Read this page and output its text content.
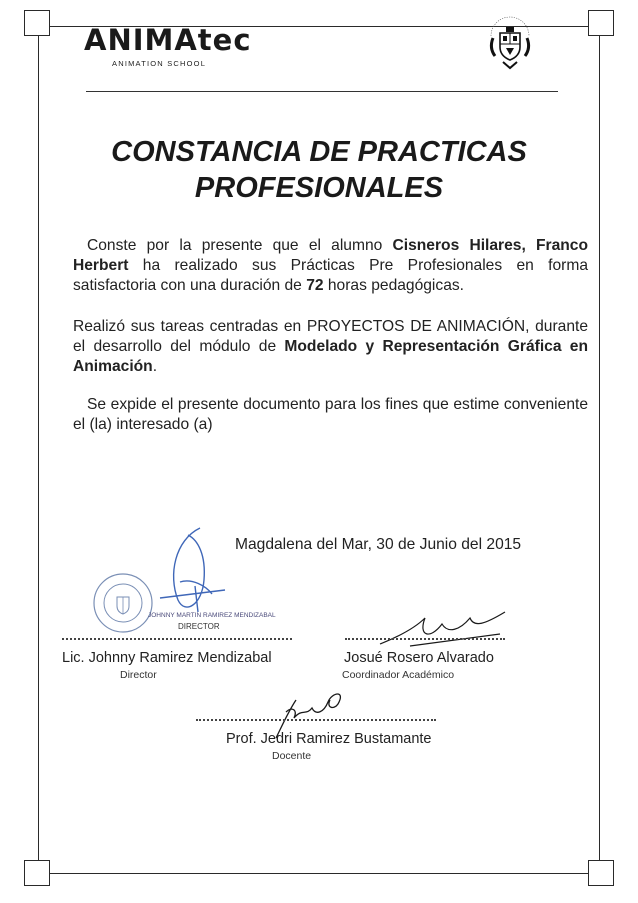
ANIMAtec
ANIMATION SCHOOL
CONSTANCIA DE PRACTICAS
PROFESIONALES
Conste por la presente que el alumno Cisneros Hilares, Franco Herbert ha realizado sus Prácticas Pre Profesionales en forma satisfactoria con una duración de 72 horas pedagógicas.
Realizó sus tareas centradas en PROYECTOS DE ANIMACIÓN, durante el desarrollo del módulo de Modelado y Representación Gráfica en Animación.
Se expide el presente documento para los fines que estime conveniente el (la) interesado (a)
Magdalena del Mar, 30 de Junio del 2015
JOHNNY MARTIN RAMIREZ MENDIZABAL
DIRECTOR
Lic. Johnny Ramirez Mendizabal
Director
Josué Rosero Alvarado
Coordinador Académico
Prof. Jedri Ramirez Bustamante
Docente
